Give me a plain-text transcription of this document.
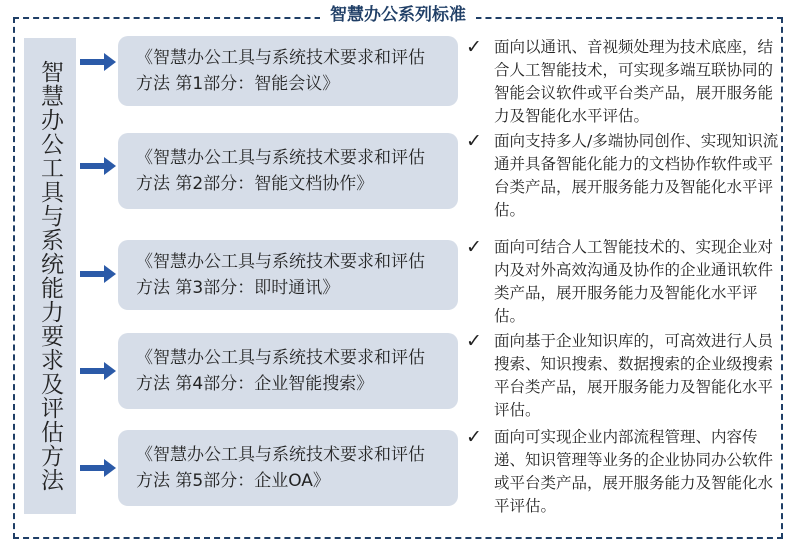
智慧办公系列标准
智慧办公工具与系统能力要求及评估方法
《智慧办公工具与系统技术要求和评估方法 第1部分：智能会议》
✓ 面向以通讯、音视频处理为技术底座，结合人工智能技术，可实现多端互联协同的智能会议软件或平台类产品，展开服务能力及智能化水平评估。
《智慧办公工具与系统技术要求和评估方法 第2部分：智能文档协作》
✓ 面向支持多人/多端协同创作、实现知识流通并具备智能化能力的文档协作软件或平台类产品，展开服务能力及智能化水平评估。
《智慧办公工具与系统技术要求和评估方法 第3部分：即时通讯》
✓ 面向可结合人工智能技术的、实现企业对内及对外高效沟通及协作的企业通讯软件类产品，展开服务能力及智能化水平评估。
《智慧办公工具与系统技术要求和评估方法 第4部分：企业智能搜索》
✓ 面向基于企业知识库的，可高效进行人员搜索、知识搜索、数据搜索的企业级搜索平台类产品，展开服务能力及智能化水平评估。
《智慧办公工具与系统技术要求和评估方法 第5部分：企业OA》
✓ 面向可实现企业内部流程管理、内容传递、知识管理等业务的企业协同办公软件或平台类产品，展开服务能力及智能化水平评估。
